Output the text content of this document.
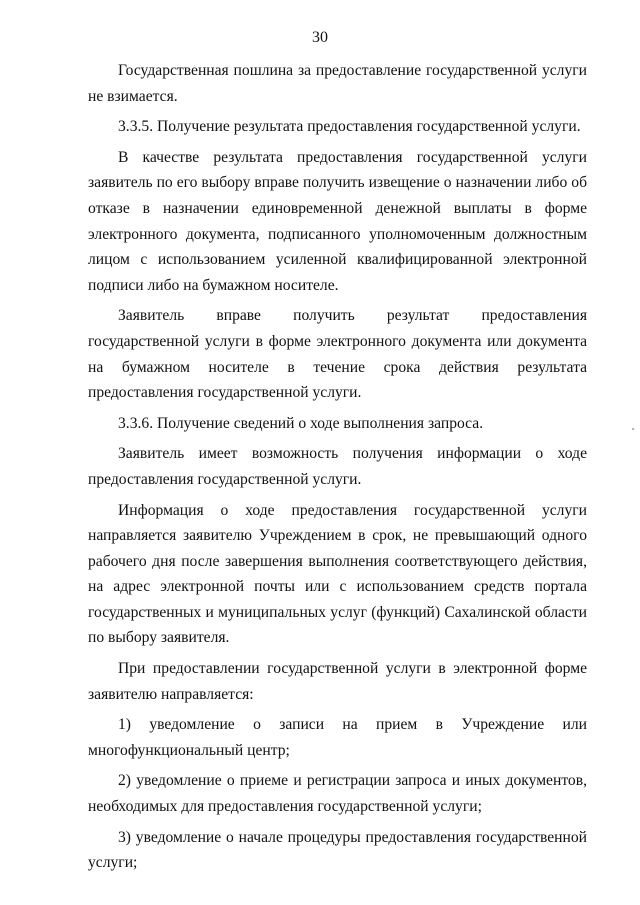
30

Государственная пошлина за предоставление государственной услуги не взимается.

3.3.5. Получение результата предоставления государственной услуги.

В качестве результата предоставления государственной услуги заявитель по его выбору вправе получить извещение о назначении либо об отказе в назначении единовременной денежной выплаты в форме электронного документа, подписанного уполномоченным должностным лицом с использованием усиленной квалифицированной электронной подписи либо на бумажном носителе.

Заявитель вправе получить результат предоставления государственной услуги в форме электронного документа или документа на бумажном носителе в течение срока действия результата предоставления государственной услуги.

3.3.6. Получение сведений о ходе выполнения запроса.

Заявитель имеет возможность получения информации о ходе предоставления государственной услуги.

Информация о ходе предоставления государственной услуги направляется заявителю Учреждением в срок, не превышающий одного рабочего дня после завершения выполнения соответствующего действия, на адрес электронной почты или с использованием средств портала государственных и муниципальных услуг (функций) Сахалинской области по выбору заявителя.

При предоставлении государственной услуги в электронной форме заявителю направляется:

1) уведомление о записи на прием в Учреждение или многофункциональный центр;

2) уведомление о приеме и регистрации запроса и иных документов, необходимых для предоставления государственной услуги;

3) уведомление о начале процедуры предоставления государственной услуги;
